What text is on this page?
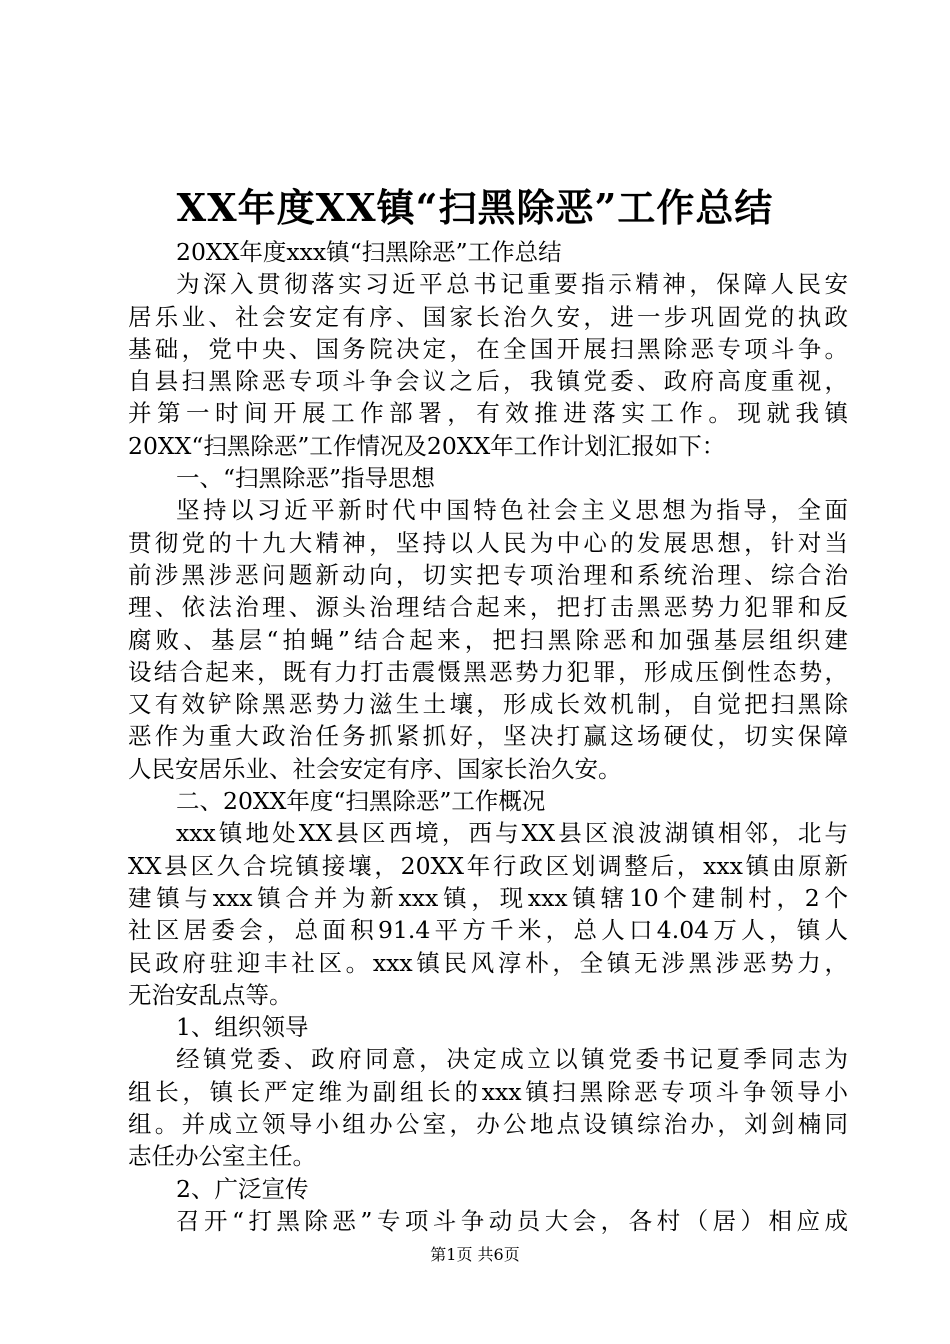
XX年度XX镇“扫黑除恶”工作总结
20XX年度xxx镇“扫黑除恶”工作总结
为深入贯彻落实习近平总书记重要指示精神，保障人民安
居乐业、社会安定有序、国家长治久安，进一步巩固党的执政
基础，党中央、国务院决定，在全国开展扫黑除恶专项斗争。
自县扫黑除恶专项斗争会议之后，我镇党委、政府高度重视，
并第一时间开展工作部署，有效推进落实工作。现就我镇
20XX“扫黑除恶”工作情况及20XX年工作计划汇报如下：
一、“扫黑除恶”指导思想
坚持以习近平新时代中国特色社会主义思想为指导，全面
贯彻党的十九大精神，坚持以人民为中心的发展思想，针对当
前涉黑涉恶问题新动向，切实把专项治理和系统治理、综合治
理、依法治理、源头治理结合起来，把打击黑恶势力犯罪和反
腐败、基层“拍蝇”结合起来，把扫黑除恶和加强基层组织建
设结合起来，既有力打击震慑黑恶势力犯罪，形成压倒性态势，
又有效铲除黑恶势力滋生土壤，形成长效机制，自觉把扫黑除
恶作为重大政治任务抓紧抓好，坚决打赢这场硬仗，切实保障
人民安居乐业、社会安定有序、国家长治久安。
二、20XX年度“扫黑除恶”工作概况
xxx镇地处XX县区西境，西与XX县区浪波湖镇相邻，北与
XX县区久合垸镇接壤，20XX年行政区划调整后，xxx镇由原新
建镇与xxx镇合并为新xxx镇，现xxx镇辖10个建制村，2个
社区居委会，总面积91.4平方千米，总人口4.04万人，镇人
民政府驻迎丰社区。xxx镇民风淳朴，全镇无涉黑涉恶势力，
无治安乱点等。
1、组织领导
经镇党委、政府同意，决定成立以镇党委书记夏季同志为
组长，镇长严定维为副组长的xxx镇扫黑除恶专项斗争领导小
组。并成立领导小组办公室，办公地点设镇综治办，刘剑楠同
志任办公室主任。
2、广泛宣传
召开“打黑除恶”专项斗争动员大会，各村（居）相应成
第1页 共6页
